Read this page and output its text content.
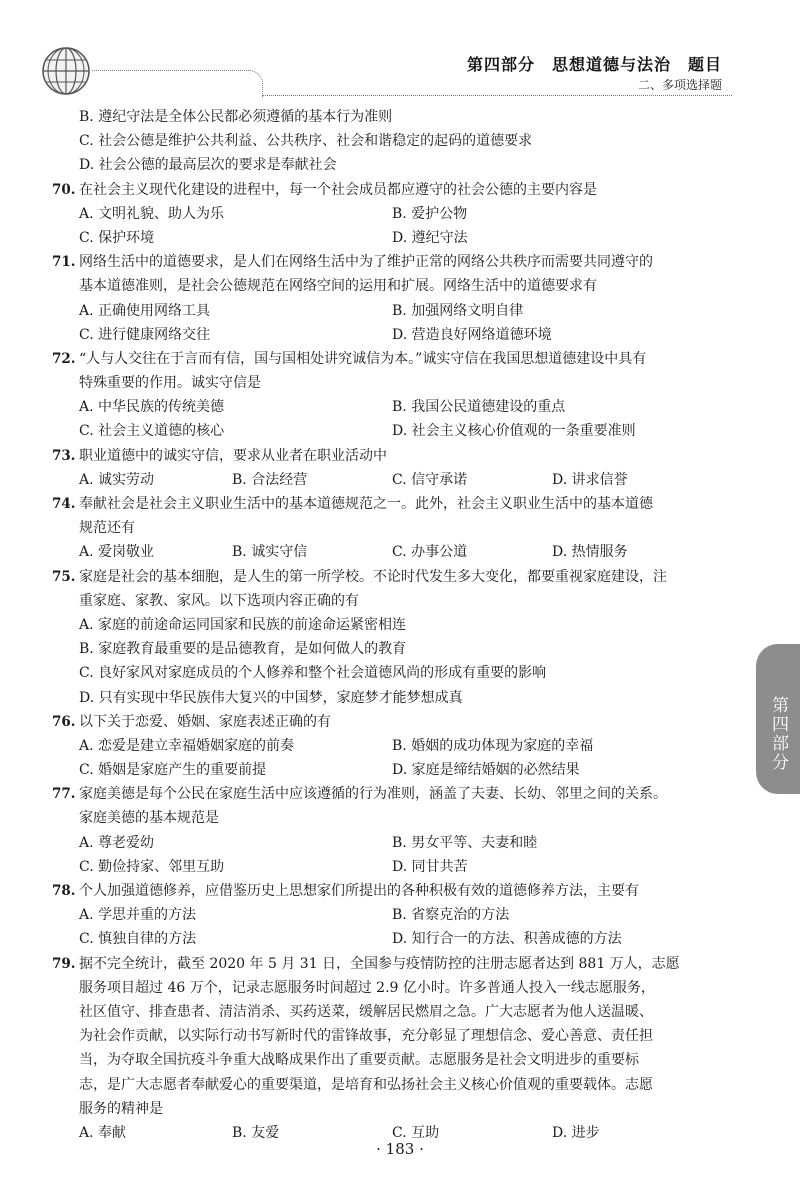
第四部分　思想道德与法治　题目
二、多项选择题
B. 遵纪守法是全体公民都必须遵循的基本行为准则
C. 社会公德是维护公共利益、公共秩序、社会和谐稳定的起码的道德要求
D. 社会公德的最高层次的要求是奉献社会
70. 在社会主义现代化建设的进程中，每一个社会成员都应遵守的社会公德的主要内容是
A. 文明礼貌、助人为乐	B. 爱护公物
C. 保护环境	D. 遵纪守法
71. 网络生活中的道德要求，是人们在网络生活中为了维护正常的网络公共秩序而需要共同遵守的
基本道德准则，是社会公德规范在网络空间的运用和扩展。网络生活中的道德要求有
A. 正确使用网络工具	B. 加强网络文明自律
C. 进行健康网络交往	D. 营造良好网络道德环境
72. “人与人交往在于言而有信，国与国相处讲究诚信为本。”诚实守信在我国思想道德建设中具有
特殊重要的作用。诚实守信是
A. 中华民族的传统美德	B. 我国公民道德建设的重点
C. 社会主义道德的核心	D. 社会主义核心价值观的一条重要准则
73. 职业道德中的诚实守信，要求从业者在职业活动中
A. 诚实劳动	B. 合法经营	C. 信守承诺	D. 讲求信誉
74. 奉献社会是社会主义职业生活中的基本道德规范之一。此外，社会主义职业生活中的基本道德
规范还有
A. 爱岗敬业	B. 诚实守信	C. 办事公道	D. 热情服务
75. 家庭是社会的基本细胞，是人生的第一所学校。不论时代发生多大变化，都要重视家庭建设，注
重家庭、家教、家风。以下选项内容正确的有
A. 家庭的前途命运同国家和民族的前途命运紧密相连
B. 家庭教育最重要的是品德教育，是如何做人的教育
C. 良好家风对家庭成员的个人修养和整个社会道德风尚的形成有重要的影响
D. 只有实现中华民族伟大复兴的中国梦，家庭梦才能梦想成真
76. 以下关于恋爱、婚姻、家庭表述正确的有
A. 恋爱是建立幸福婚姻家庭的前奏	B. 婚姻的成功体现为家庭的幸福
C. 婚姻是家庭产生的重要前提	D. 家庭是缔结婚姻的必然结果
77. 家庭美德是每个公民在家庭生活中应该遵循的行为准则，涵盖了夫妻、长幼、邻里之间的关系。
家庭美德的基本规范是
A. 尊老爱幼	B. 男女平等、夫妻和睦
C. 勤俭持家、邻里互助	D. 同甘共苦
78. 个人加强道德修养，应借鉴历史上思想家们所提出的各种积极有效的道德修养方法，主要有
A. 学思并重的方法	B. 省察克治的方法
C. 慎独自律的方法	D. 知行合一的方法、积善成德的方法
79. 据不完全统计，截至 2020 年 5 月 31 日，全国参与疫情防控的注册志愿者达到 881 万人，志愿
服务项目超过 46 万个，记录志愿服务时间超过 2.9 亿小时。许多普通人投入一线志愿服务，
社区值守、排查患者、清洁消杀、买药送菜，缓解居民燃眉之急。广大志愿者为他人送温暖、
为社会作贡献，以实际行动书写新时代的雷锋故事，充分彰显了理想信念、爱心善意、责任担
当，为夺取全国抗疫斗争重大战略成果作出了重要贡献。志愿服务是社会文明进步的重要标
志，是广大志愿者奉献爱心的重要渠道，是培育和弘扬社会主义核心价值观的重要载体。志愿
服务的精神是
A. 奉献	B. 友爱	C. 互助	D. 进步
第四部分
· 183 ·
